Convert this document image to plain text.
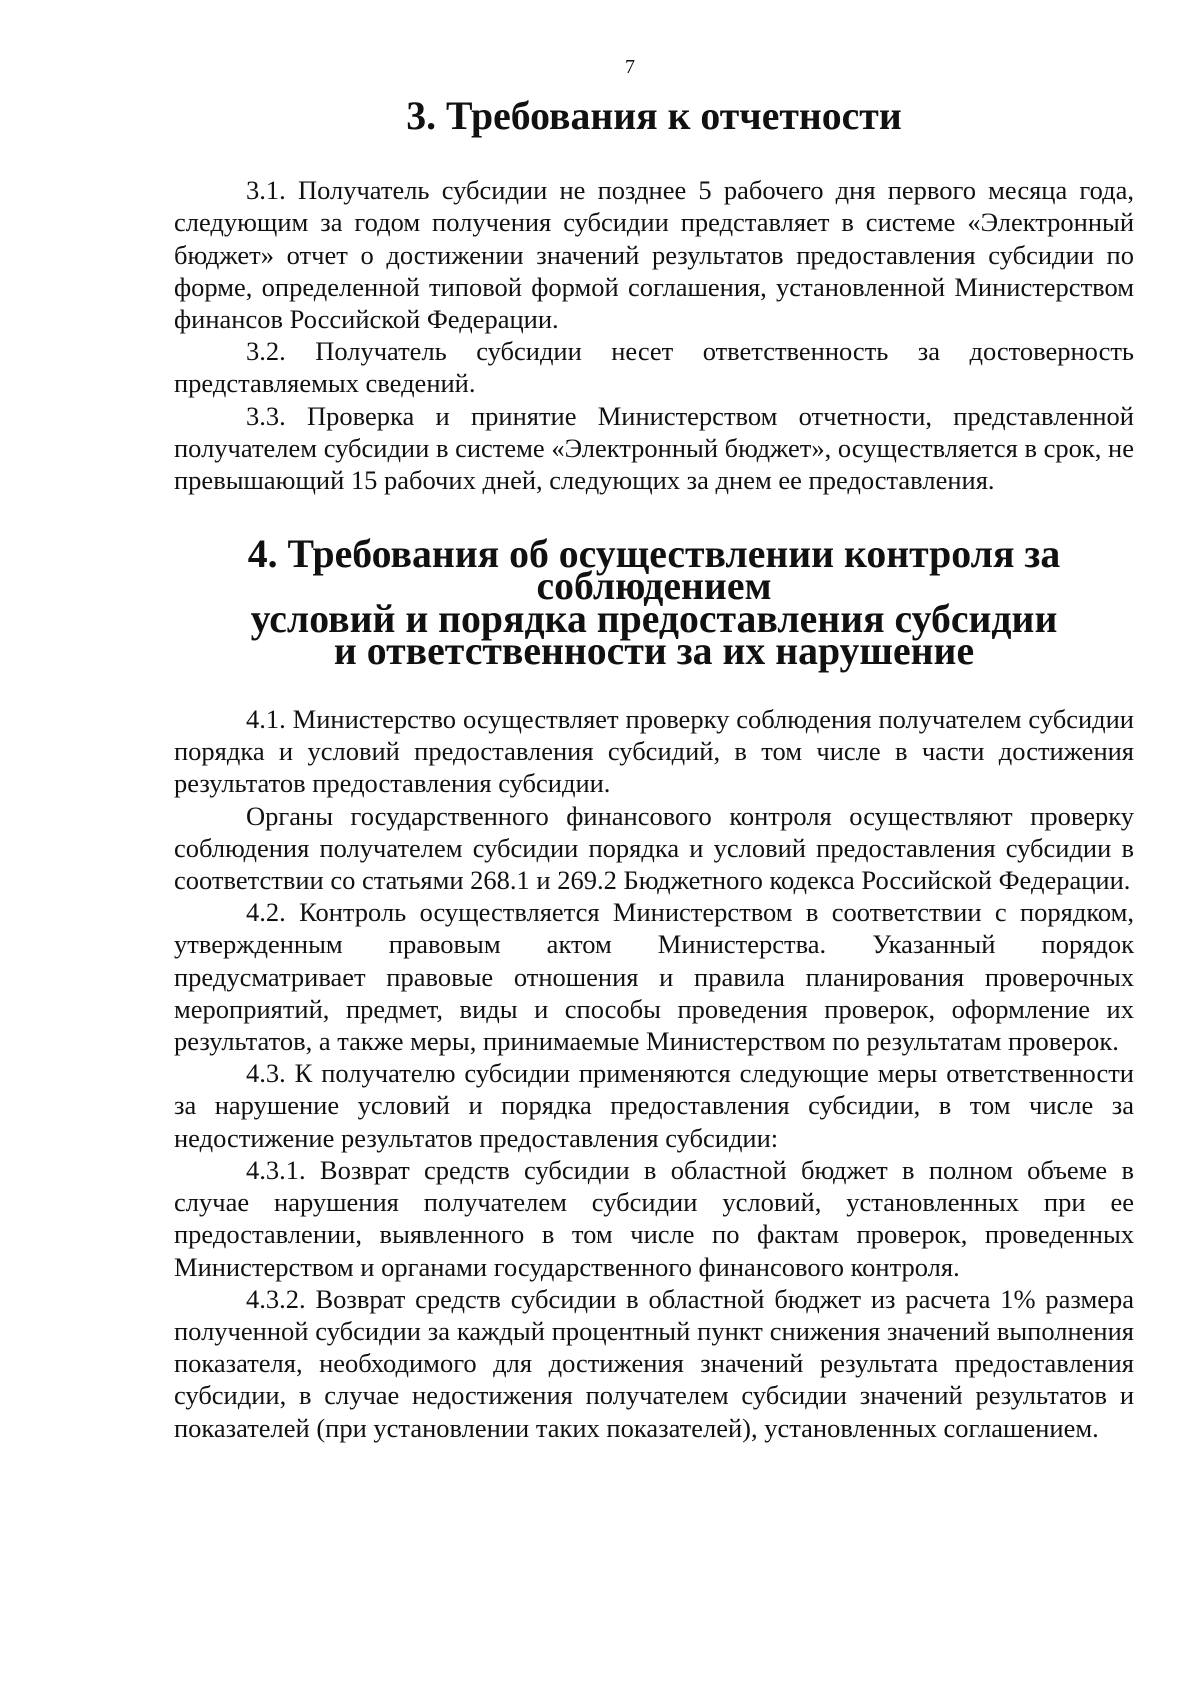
7
3. Требования к отчетности

3.1. Получатель субсидии не позднее 5 рабочего дня первого месяца года, следующим за годом получения субсидии представляет в системе «Электронный бюджет» отчет о достижении значений результатов предоставления субсидии по форме, определенной типовой формой соглашения, установленной Министерством финансов Российской Федерации.

3.2. Получатель субсидии несет ответственность за достоверность представляемых сведений.

3.3. Проверка и принятие Министерством отчетности, представленной получателем субсидии в системе «Электронный бюджет», осуществляется в срок, не превышающий 15 рабочих дней, следующих за днем ее предоставления.

4. Требования об осуществлении контроля за соблюдением
условий и порядка предоставления субсидии
и ответственности за их нарушение

4.1. Министерство осуществляет проверку соблюдения получателем субсидии порядка и условий предоставления субсидий, в том числе в части достижения результатов предоставления субсидии.

Органы государственного финансового контроля осуществляют проверку соблюдения получателем субсидии порядка и условий предоставления субсидии в соответствии со статьями 268.1 и 269.2 Бюджетного кодекса Российской Федерации.

4.2. Контроль осуществляется Министерством в соответствии с порядком, утвержденным правовым актом Министерства. Указанный порядок предусматривает правовые отношения и правила планирования проверочных мероприятий, предмет, виды и способы проведения проверок, оформление их результатов, а также меры, принимаемые Министерством по результатам проверок.

4.3. К получателю субсидии применяются следующие меры ответственности за нарушение условий и порядка предоставления субсидии, в том числе за недостижение результатов предоставления субсидии:

4.3.1. Возврат средств субсидии в областной бюджет в полном объеме в случае нарушения получателем субсидии условий, установленных при ее предоставлении, выявленного в том числе по фактам проверок, проведенных Министерством и органами государственного финансового контроля.

4.3.2. Возврат средств субсидии в областной бюджет из расчета 1% размера полученной субсидии за каждый процентный пункт снижения значений выполнения показателя, необходимого для достижения значений результата предоставления субсидии, в случае недостижения получателем субсидии значений результатов и показателей (при установлении таких показателей), установленных соглашением.
